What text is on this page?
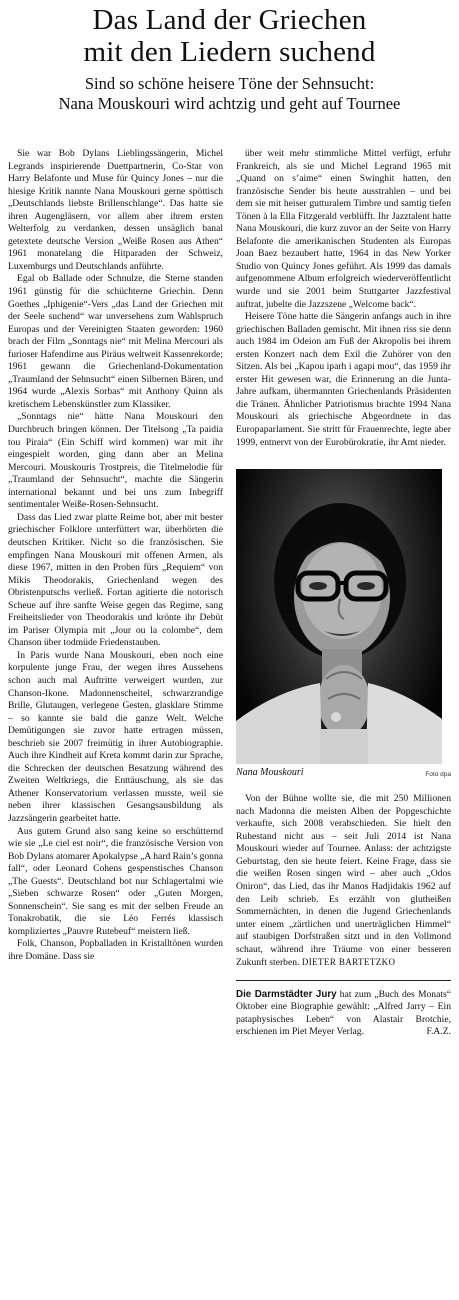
Das Land der Griechen
mit den Liedern suchend
Sind so schöne heisere Töne der Sehnsucht:
Nana Mouskouri wird achtzig und geht auf Tournee

Sie war Bob Dylans Lieblingssängerin, Michel Legrands inspirierende Duettpartnerin, Co-Star von Harry Belafonte und Muse für Quincy Jones – nur die hiesige Kritik nannte Nana Mouskouri gerne spöttisch „Deutschlands liebste Brillenschlange“. Das hatte sie ihren Augengläsern, vor allem aber ihrem ersten Welterfolg zu verdanken, dessen unsäglich banal getextete deutsche Version „Weiße Rosen aus Athen“ 1961 monatelang die Hitparaden der Schweiz, Luxemburgs und Deutschlands anführte.

Egal ob Ballade oder Schnulze, die Sterne standen 1961 günstig für die schüchterne Griechin. Denn Goethes „Iphigenie“-Vers „das Land der Griechen mit der Seele suchend“ war unversehens zum Wahlspruch Europas und der Vereinigten Staaten geworden: 1960 brach der Film „Sonntags nie“ mit Melina Mercouri als furioser Hafendirne aus Piräus weltweit Kassenrekorde; 1961 gewann die Griechenland-Dokumentation „Traumland der Sehnsucht“ einen Silbernen Bären, und 1964 wurde „Alexis Sorbas“ mit Anthony Quinn als kretischem Lebenskünstler zum Klassiker.

„Sonntags nie“ hätte Nana Mouskouri den Durchbruch bringen können. Der Titelsong „Ta paidia tou Piraia“ (Ein Schiff wird kommen) war mit ihr eingespielt worden, ging dann aber an Melina Mercouri. Mouskouris Trostpreis, die Titelmelodie für „Traumland der Sehnsucht“, machte die Sängerin international bekannt und bei uns zum Inbegriff sentimentaler Weiße-Rosen-Sehnsucht.

Dass das Lied zwar platte Reime bot, aber mit bester griechischer Folklore unterfüttert war, überhörten die deutschen Kritiker. Nicht so die französischen. Sie empfingen Nana Mouskouri mit offenen Armen, als diese 1967, mitten in den Proben fürs „Requiem“ von Mikis Theodorakis, Griechenland wegen des Obristenputschs verließ. Fortan agitierte die notorisch Scheue auf ihre sanfte Weise gegen das Regime, sang Freiheitslieder von Theodorakis und krönte ihr Debüt im Pariser Olympia mit „Jour ou la colombe“, dem Chanson über todmüde Friedenstauben.

In Paris wurde Nana Mouskouri, eben noch eine korpulente junge Frau, der wegen ihres Aussehens schon auch mal Auftritte verweigert wurden, zur Chanson-Ikone. Madonnenscheitel, schwarzrandige Brille, Glutaugen, verlegene Gesten, glasklare Stimme – so kannte sie bald die ganze Welt. Welche Demütigungen sie zuvor hatte ertragen müssen, beschrieb sie 2007 freimütig in ihrer Autobiographie. Auch ihre Kindheit auf Kreta kommt darin zur Sprache, die Schrecken der deutschen Besatzung während des Zweiten Weltkriegs, die Enttäuschung, als sie das Athener Konservatorium verlassen musste, weil sie neben ihrer klassischen Gesangsausbildung als Jazzsängerin gearbeitet hatte.

Aus gutem Grund also sang keine so erschütternd wie sie „Le ciel est noir“, die französische Version von Bob Dylans atomarer Apokalypse „A hard Rain’s gonna fall“, oder Leonard Cohens gespenstisches Chanson „The Guests“. Deutschland bot nur Schlagertalmi wie „Sieben schwarze Rosen“ oder „Guten Morgen, Sonnenschein“. Sie sang es mit der selben Freude an Tonakrobatik, die sie Léo Ferrés klassisch kompliziertes „Pauvre Rutebeuf“ meistern ließ.

Folk, Chanson, Popballaden in Kristalltönen wurden ihre Domäne. Dass sie

über weit mehr stimmliche Mittel verfügt, erfuhr Frankreich, als sie und Michel Legrand 1965 mit „Quand on s’aime“ einen Swinghit hatten, den französische Sender bis heute ausstrahlen – und bei dem sie mit heiser gutturalem Timbre und samtig tiefen Tönen à la Ella Fitzgerald verblüfft. Ihr Jazztalent hatte Nana Mouskouri, die kurz zuvor an der Seite von Harry Belafonte die amerikanischen Studenten als Europas Joan Baez bezaubert hatte, 1964 in das New Yorker Studio von Quincy Jones geführt. Als 1999 das damals aufgenommene Album erfolgreich wiederveröffentlicht wurde und sie 2001 beim Stuttgarter Jazzfestival auftrat, jubelte die Jazzszene „Welcome back“.

Heisere Töne hatte die Sängerin anfangs auch in ihre griechischen Balladen gemischt. Mit ihnen riss sie denn auch 1984 im Odeion am Fuß der Akropolis bei ihrem ersten Konzert nach dem Exil die Zuhörer von den Sitzen. Als bei „Kapou iparh i agapi mou“, das 1959 ihr erster Hit gewesen war, die Erinnerung an die Junta-Jahre aufkam, übermannten Griechenlands Präsidenten die Tränen. Ähnlicher Patriotismus brachte 1994 Nana Mouskouri als griechische Abgeordnete in das Europaparlament. Sie stritt für Frauenrechte, legte aber 1999, entnervt von der Eurobürokratie, ihr Amt nieder.

Nana Mouskouri	Foto dpa

Von der Bühne wollte sie, die mit 250 Millionen nach Madonna die meisten Alben der Popgeschichte verkaufte, sich 2008 verabschieden. Sie hielt den Ruhestand nicht aus – seit Juli 2014 ist Nana Mouskouri wieder auf Tournee. Anlass: der achtzigste Geburtstag, den sie heute feiert. Keine Frage, dass sie die weißen Rosen singen wird – aber auch „Odos Oniron“, das Lied, das ihr Manos Hadjidakis 1962 auf den Leib schrieb. Es erzählt von glutheißen Sommernächten, in denen die Jugend Griechenlands unter einem „zärtlichen und unerträglichen Himmel“ auf staubigen Dorfstraßen sitzt und in den Vollmond schaut, während ihre Träume von einer besseren Zukunft sterben. DIETER BARTETZKO

Die Darmstädter Jury hat zum „Buch des Monats“ Oktober eine Biographie gewählt: „Alfred Jarry – Ein pataphysisches Leben“ von Alastair Brotchie, erschienen im Piet Meyer Verlag.	F.A.Z.
